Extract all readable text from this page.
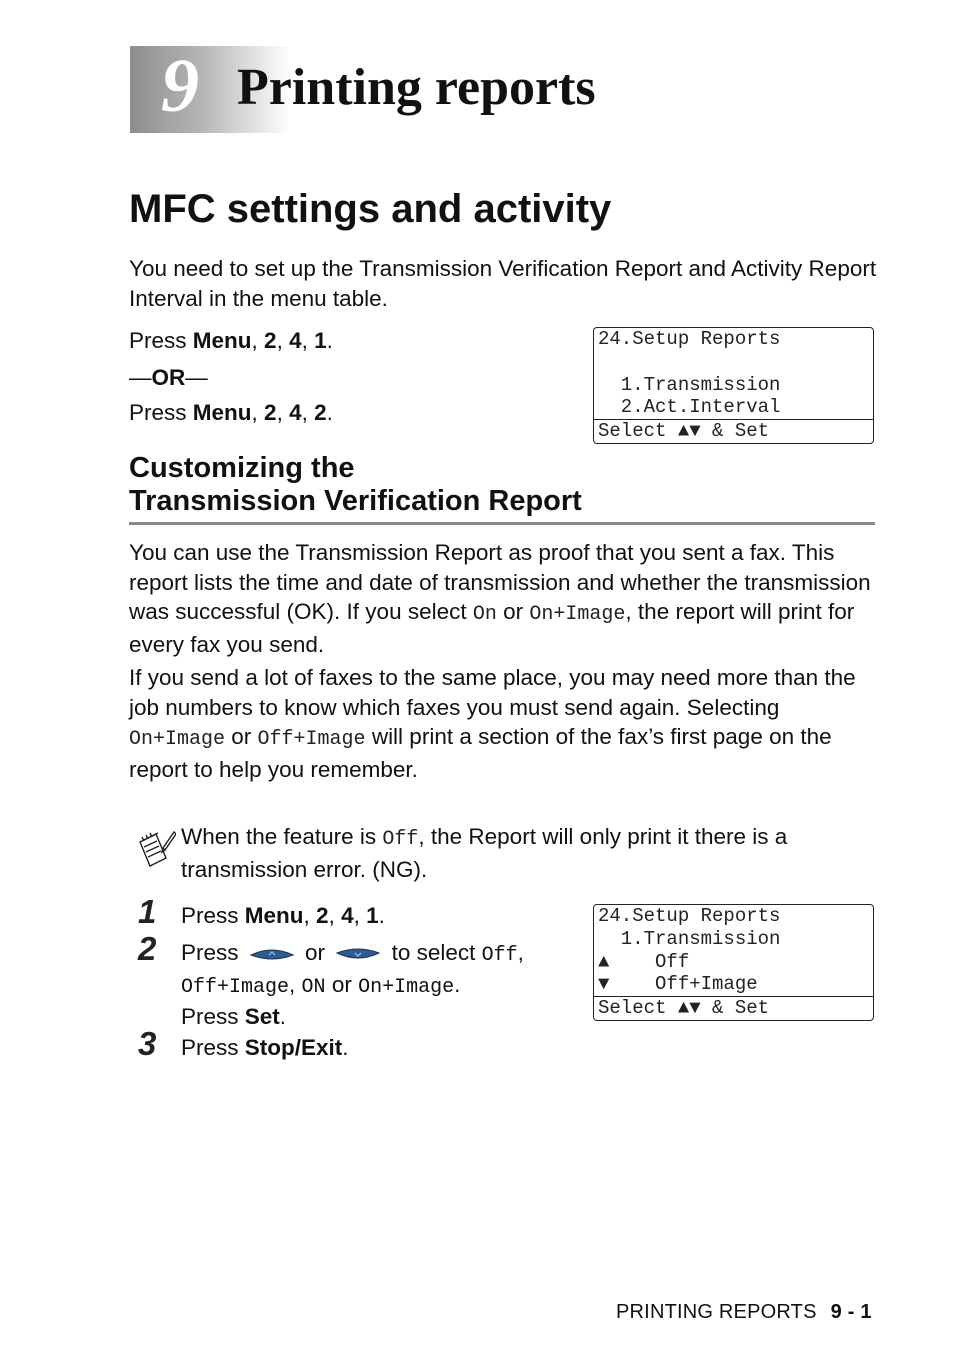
9 Printing reports
MFC settings and activity
You need to set up the Transmission Verification Report and Activity Report Interval in the menu table.
Press Menu, 2, 4, 1.
—OR—
Press Menu, 2, 4, 2.
24.Setup Reports
1.Transmission
2.Act.Interval
Select ▲▼ & Set
Customizing the
Transmission Verification Report
You can use the Transmission Report as proof that you sent a fax. This report lists the time and date of transmission and whether the transmission was successful (OK). If you select On or On+Image, the report will print for every fax you send.
If you send a lot of faxes to the same place, you may need more than the job numbers to know which faxes you must send again. Selecting On+Image or Off+Image will print a section of the fax’s first page on the report to help you remember.
When the feature is Off, the Report will only print it there is a transmission error. (NG).
1 Press Menu, 2, 4, 1.
2 Press	or	to select Off,
Off+Image, ON or On+Image.
Press Set.
3 Press Stop/Exit.
24.Setup Reports
1.Transmission
▲    Off
▼    Off+Image
Select ▲▼ & Set
PRINTING REPORTS 9 - 1
